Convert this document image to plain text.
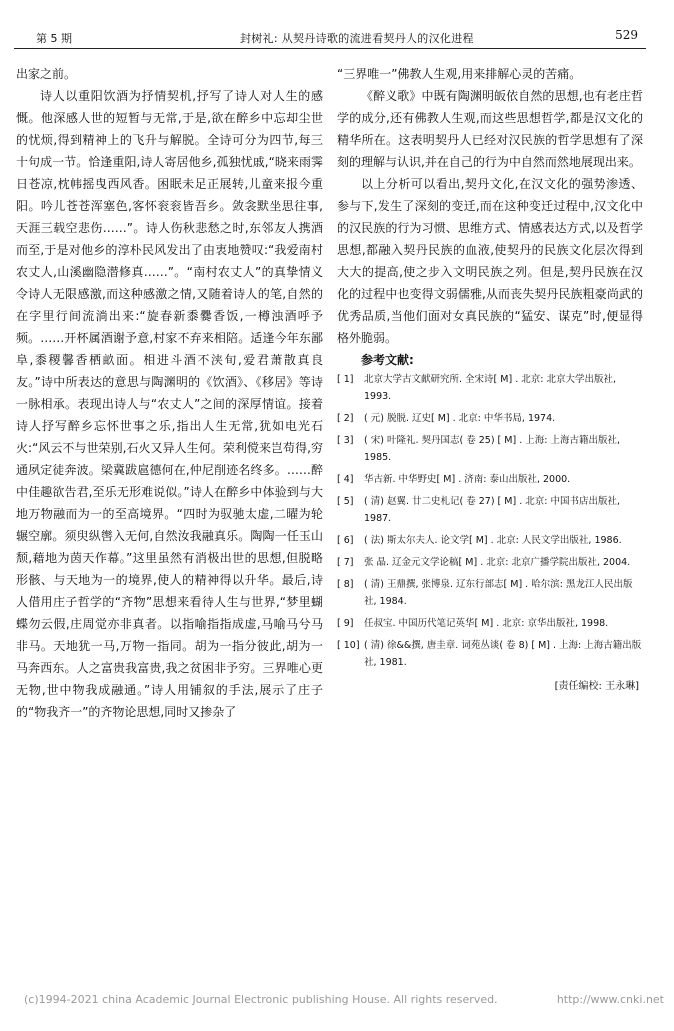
第 5 期	封树礼: 从契丹诗歌的流进看契丹人的汉化进程	529

出家之前。

诗人以重阳饮酒为抒情契机,抒写了诗人对人生的感慨。他深感人世的短暂与无常,于是,欲在醉乡中忘却尘世的忧烦,得到精神上的飞升与解脱。全诗可分为四节,每三十句成一节。恰逢重阳,诗人寄居他乡,孤独忧戚,“晓来雨霁日苍凉,枕帏摇曳西风香。困眠未足正展转,儿童来报今重阳。吟儿苍苍浑塞色,客怀衮衮皆吾乡。敛衾默坐思往事,天涯三载空悲伤……”。诗人伤秋悲愁之时,东邻友人携酒而至,于是对他乡的淳朴民风发出了由衷地赞叹:“我爱南村农丈人,山溪幽隐潜修真……”。“南村农丈人”的真挚情义令诗人无限感激,而这种感激之情,又随着诗人的笔,自然的在字里行间流淌出来:“旋春新黍爨香饭,一樽浊酒呼予频。……开杯属酒谢予意,村家不弃来相陪。适逢今年东鄙阜,黍稷馨香栖畝面。相进斗酒不浃旬,爱君萧散真良友。”诗中所表达的意思与陶渊明的《饮酒》、《移居》等诗一脉相承。表现出诗人与“农丈人”之间的深厚情谊。接着诗人抒写醉乡忘怀世事之乐,指出人生无常,犹如电光石火:“风云不与世荣别,石火又异人生何。荣利傥来岂苟得,穷通夙定徒奔波。梁冀跋扈德何在,仲尼削迹名终多。……醉中佳趣欲告君,至乐无形难说似。”诗人在醉乡中体验到与大地万物融而为一的至高境界。“四时为驭驰太虚,二曜为轮辗空廓。须臾纵辔入无何,自然汝我融真乐。陶陶一任玉山颓,藉地为茵天作幕。”这里虽然有消极出世的思想,但脱略形骸、与天地为一的境界,使人的精神得以升华。最后,诗人借用庄子哲学的“齐物”思想来看待人生与世界,“梦里蝴蝶勿云假,庄周觉亦非真者。以指喻指指成虚,马喻马兮马非马。天地犹一马,万物一指同。胡为一指分彼此,胡为一马奔西东。人之富贵我富贵,我之贫困非予穷。三界唯心更无物,世中物我成融通。”诗人用铺叙的手法,展示了庄子的“物我齐一”的齐物论思想,同时又掺杂了

“三界唯一”佛教人生观,用来排解心灵的苦痛。

《醉义歌》中既有陶渊明皈依自然的思想,也有老庄哲学的成分,还有佛教人生观,而这些思想哲学,都是汉文化的精华所在。这表明契丹人已经对汉民族的哲学思想有了深刻的理解与认识,并在自己的行为中自然而然地展现出来。

以上分析可以看出,契丹文化,在汉文化的强势渗透、参与下,发生了深刻的变迁,而在这种变迁过程中,汉文化中的汉民族的行为习惯、思维方式、情感表达方式,以及哲学思想,都融入契丹民族的血液,使契丹的民族文化层次得到大大的提高,使之步入文明民族之列。但是,契丹民族在汉化的过程中也变得文弱儒雅,从而丧失契丹民族粗豪尚武的优秀品质,当他们面对女真民族的“猛安、谋克”时,便显得格外脆弱。

参考文献:

[ 1] 北京大学古文献研究所. 全宋诗[ M] . 北京: 北京大学出版社, 1993.
[ 2] ( 元) 脱脱. 辽史[ M] . 北京: 中华书局, 1974.
[ 3] ( 宋) 叶隆礼. 契丹国志( 卷 25) [ M] . 上海: 上海古籍出版社, 1985.
[ 4] 华古新. 中华野史[ M] . 济南: 泰山出版社, 2000.
[ 5] ( 清) 赵翼. 廿二史札记( 卷 27) [ M] . 北京: 中国书店出版社, 1987.
[ 6] ( 法) 斯太尔夫人. 论文学[ M] . 北京: 人民文学出版社, 1986.
[ 7] 张 晶. 辽金元文学论稿[ M] . 北京: 北京广播学院出版社, 2004.
[ 8] ( 清) 王鼎撰, 张博泉. 辽东行部志[ M] . 哈尔滨: 黑龙江人民出版社, 1984.
[ 9] 任叔宝. 中国历代笔记英华[ M] . 北京: 京华出版社, 1998.
[ 10] ( 清) 徐&&撰, 唐圭章. 词苑丛谈( 卷 8) [ M] . 上海: 上海古籍出版社, 1981.
[责任编校: 王永琳]
(c)1994-2021 china Academic Journal Electronic publishing House. All rights reserved.	http://www.cnki.net
